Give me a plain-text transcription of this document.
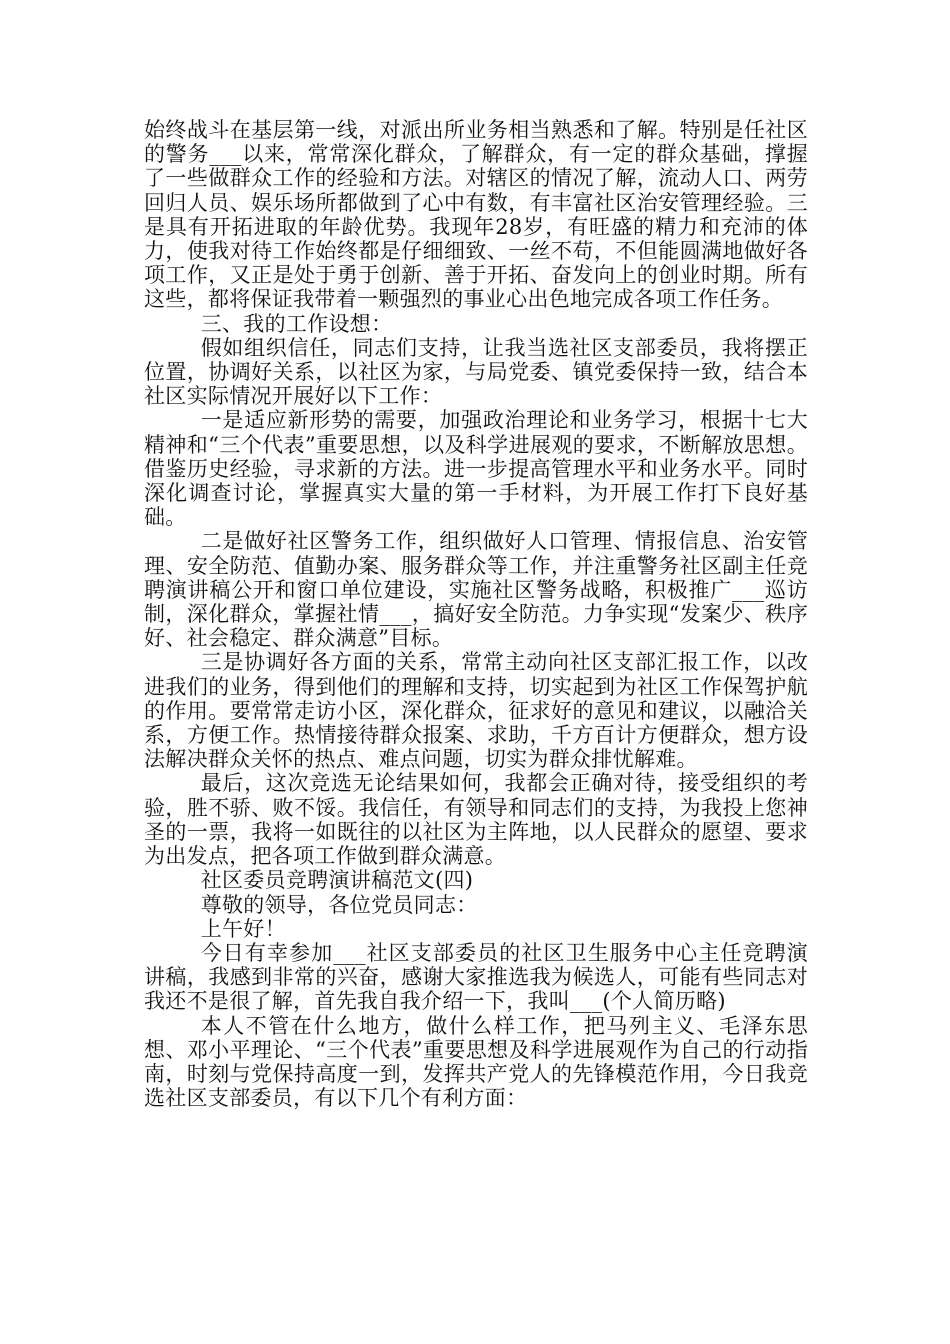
始终战斗在基层第一线，对派出所业务相当熟悉和了解。特别是任社区的警务___以来，常常深化群众，了解群众，有一定的群众基础，撑握了一些做群众工作的经验和方法。对辖区的情况了解，流动人口、两劳回归人员、娱乐场所都做到了心中有数，有丰富社区治安管理经验。三是具有开拓进取的年龄优势。我现年28岁，有旺盛的精力和充沛的体力，使我对待工作始终都是仔细细致、一丝不苟，不但能圆满地做好各项工作，又正是处于勇于创新、善于开拓、奋发向上的创业时期。所有这些，都将保证我带着一颗强烈的事业心出色地完成各项工作任务。

三、我的工作设想：

假如组织信任，同志们支持，让我当选社区支部委员，我将摆正位置，协调好关系，以社区为家，与局党委、镇党委保持一致，结合本社区实际情况开展好以下工作：

一是适应新形势的需要，加强政治理论和业务学习，根据十七大精神和“三个代表”重要思想，以及科学进展观的要求，不断解放思想。借鉴历史经验，寻求新的方法。进一步提高管理水平和业务水平。同时深化调查讨论，掌握真实大量的第一手材料，为开展工作打下良好基础。

二是做好社区警务工作，组织做好人口管理、情报信息、治安管理、安全防范、值勤办案、服务群众等工作，并注重警务社区副主任竞聘演讲稿公开和窗口单位建设，实施社区警务战略，积极推广___巡访制，深化群众，掌握社情___，搞好安全防范。力争实现“发案少、秩序好、社会稳定、群众满意”目标。

三是协调好各方面的关系，常常主动向社区支部汇报工作，以改进我们的业务，得到他们的理解和支持，切实起到为社区工作保驾护航的作用。要常常走访小区，深化群众，征求好的意见和建议，以融洽关系，方便工作。热情接待群众报案、求助，千方百计方便群众，想方设法解决群众关怀的热点、难点问题，切实为群众排忧解难。

最后，这次竞选无论结果如何，我都会正确对待，接受组织的考验，胜不骄、败不馁。我信任，有领导和同志们的支持，为我投上您神圣的一票，我将一如既往的以社区为主阵地，以人民群众的愿望、要求为出发点，把各项工作做到群众满意。

社区委员竞聘演讲稿范文(四)

尊敬的领导，各位党员同志：

上午好！

今日有幸参加___社区支部委员的社区卫生服务中心主任竞聘演讲稿，我感到非常的兴奋，感谢大家推选我为候选人，可能有些同志对我还不是很了解，首先我自我介绍一下，我叫___(个人简历略)

本人不管在什么地方，做什么样工作，把马列主义、毛泽东思想、邓小平理论、“三个代表”重要思想及科学进展观作为自己的行动指南，时刻与党保持高度一到，发挥共产党人的先锋模范作用，今日我竞选社区支部委员，有以下几个有利方面：
